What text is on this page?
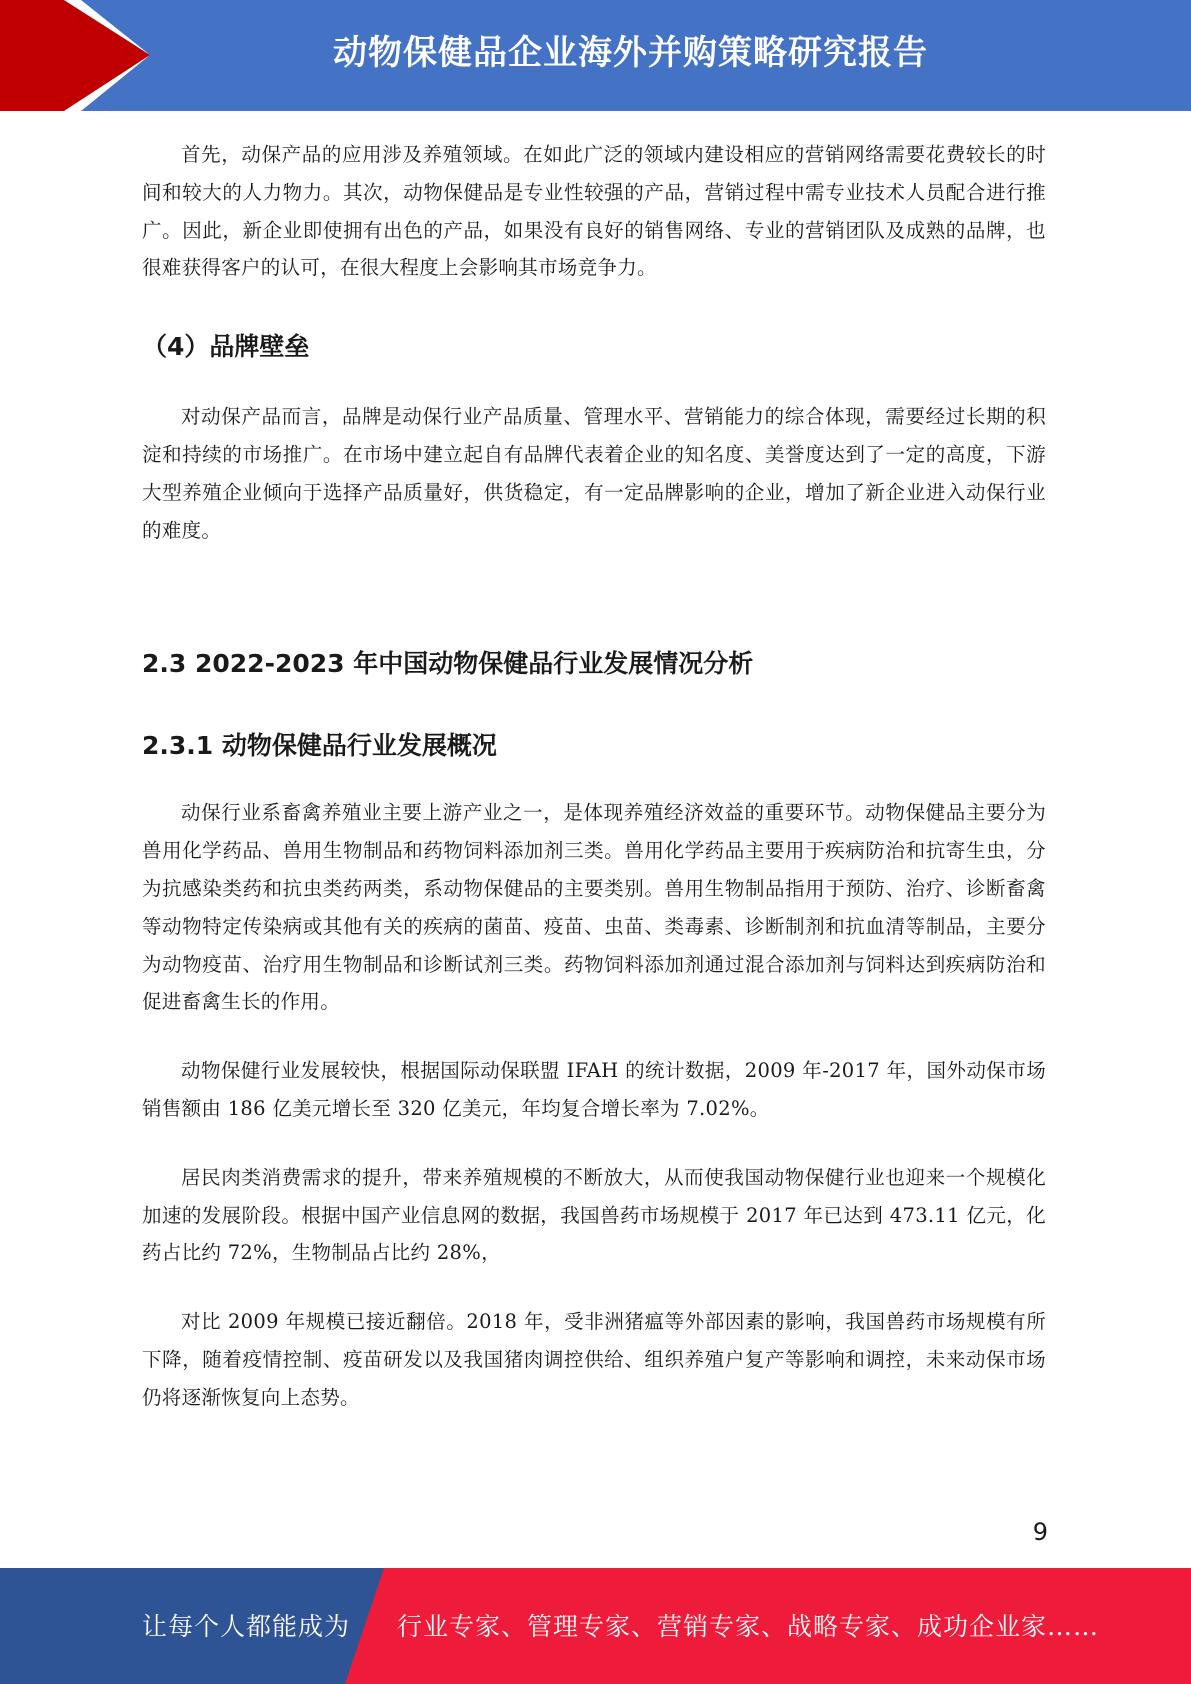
动物保健品企业海外并购策略研究报告

首先，动保产品的应用涉及养殖领域。在如此广泛的领域内建设相应的营销网络需要花费较长的时间和较大的人力物力。其次，动物保健品是专业性较强的产品，营销过程中需专业技术人员配合进行推广。因此，新企业即使拥有出色的产品，如果没有良好的销售网络、专业的营销团队及成熟的品牌，也很难获得客户的认可，在很大程度上会影响其市场竞争力。

（4）品牌壁垒

对动保产品而言，品牌是动保行业产品质量、管理水平、营销能力的综合体现，需要经过长期的积淀和持续的市场推广。在市场中建立起自有品牌代表着企业的知名度、美誉度达到了一定的高度，下游大型养殖企业倾向于选择产品质量好，供货稳定，有一定品牌影响的企业，增加了新企业进入动保行业的难度。

2.3 2022-2023 年中国动物保健品行业发展情况分析
2.3.1 动物保健品行业发展概况

动保行业系畜禽养殖业主要上游产业之一，是体现养殖经济效益的重要环节。动物保健品主要分为兽用化学药品、兽用生物制品和药物饲料添加剂三类。兽用化学药品主要用于疾病防治和抗寄生虫，分为抗感染类药和抗虫类药两类，系动物保健品的主要类别。兽用生物制品指用于预防、治疗、诊断畜禽等动物特定传染病或其他有关的疾病的菌苗、疫苗、虫苗、类毒素、诊断制剂和抗血清等制品，主要分为动物疫苗、治疗用生物制品和诊断试剂三类。药物饲料添加剂通过混合添加剂与饲料达到疾病防治和促进畜禽生长的作用。

动物保健行业发展较快，根据国际动保联盟 IFAH 的统计数据，2009 年-2017 年，国外动保市场销售额由 186 亿美元增长至 320 亿美元，年均复合增长率为 7.02%。

居民肉类消费需求的提升，带来养殖规模的不断放大，从而使我国动物保健行业也迎来一个规模化加速的发展阶段。根据中国产业信息网的数据，我国兽药市场规模于 2017 年已达到 473.11 亿元，化药占比约 72%，生物制品占比约 28%，

对比 2009 年规模已接近翻倍。2018 年，受非洲猪瘟等外部因素的影响，我国兽药市场规模有所下降，随着疫情控制、疫苗研发以及我国猪肉调控供给、组织养殖户复产等影响和调控，未来动保市场仍将逐渐恢复向上态势。

9
让每个人都能成为 行业专家、管理专家、营销专家、战略专家、成功企业家……
